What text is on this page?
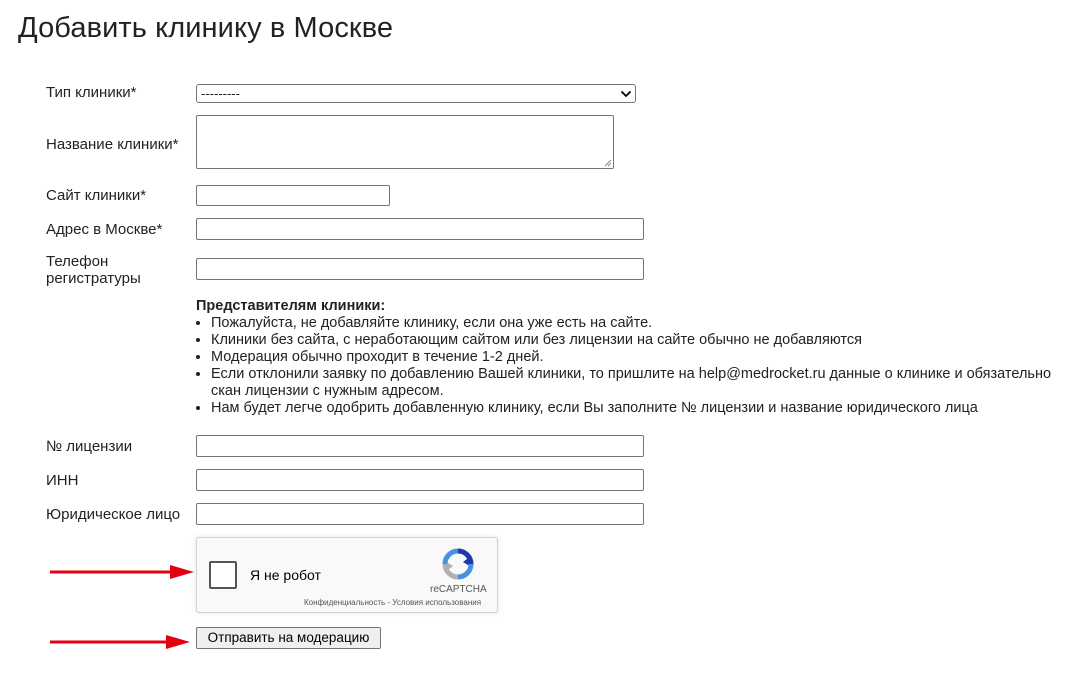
Добавить клинику в Москве
Тип клиники*	---------
Название клиники*
Сайт клиники*
Адрес в Москве*
Телефон
регистратуры
Представителям клиники:
• Пожалуйста, не добавляйте клинику, если она уже есть на сайте.
• Клиники без сайта, с неработающим сайтом или без лицензии на сайте обычно не добавляются
• Модерация обычно проходит в течение 1-2 дней.
• Если отклонили заявку по добавлению Вашей клиники, то пришлите на help@medrocket.ru данные о клинике и обязательно скан лицензии с нужным адресом.
• Нам будет легче одобрить добавленную клинику, если Вы заполните № лицензии и название юридического лица
№ лицензии
ИНН
Юридическое лицо
Я не робот
reCAPTCHA
Конфиденциальность - Условия использования
Отправить на модерацию
